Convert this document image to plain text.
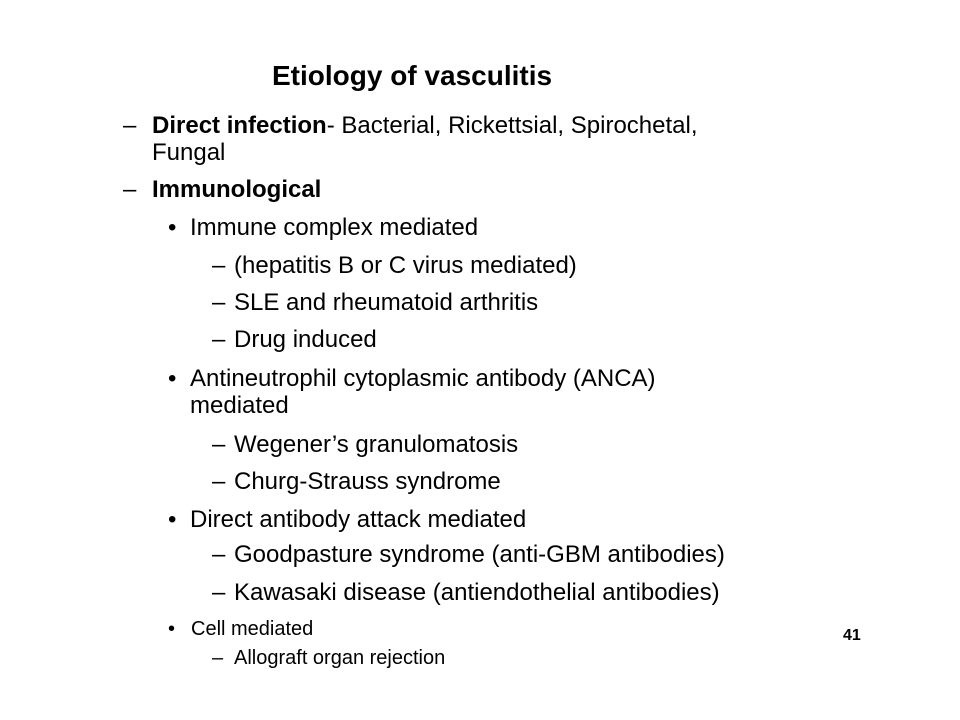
Etiology of vasculitis
– Direct infection- Bacterial, Rickettsial, Spirochetal,
Fungal
– Immunological
• Immune complex mediated
– (hepatitis B or C virus mediated)
– SLE and rheumatoid arthritis
– Drug induced
• Antineutrophil cytoplasmic antibody (ANCA)
mediated
– Wegener’s granulomatosis
– Churg-Strauss syndrome
• Direct antibody attack mediated
– Goodpasture syndrome (anti-GBM antibodies)
– Kawasaki disease (antiendothelial antibodies)
• Cell mediated
– Allograft organ rejection
41
